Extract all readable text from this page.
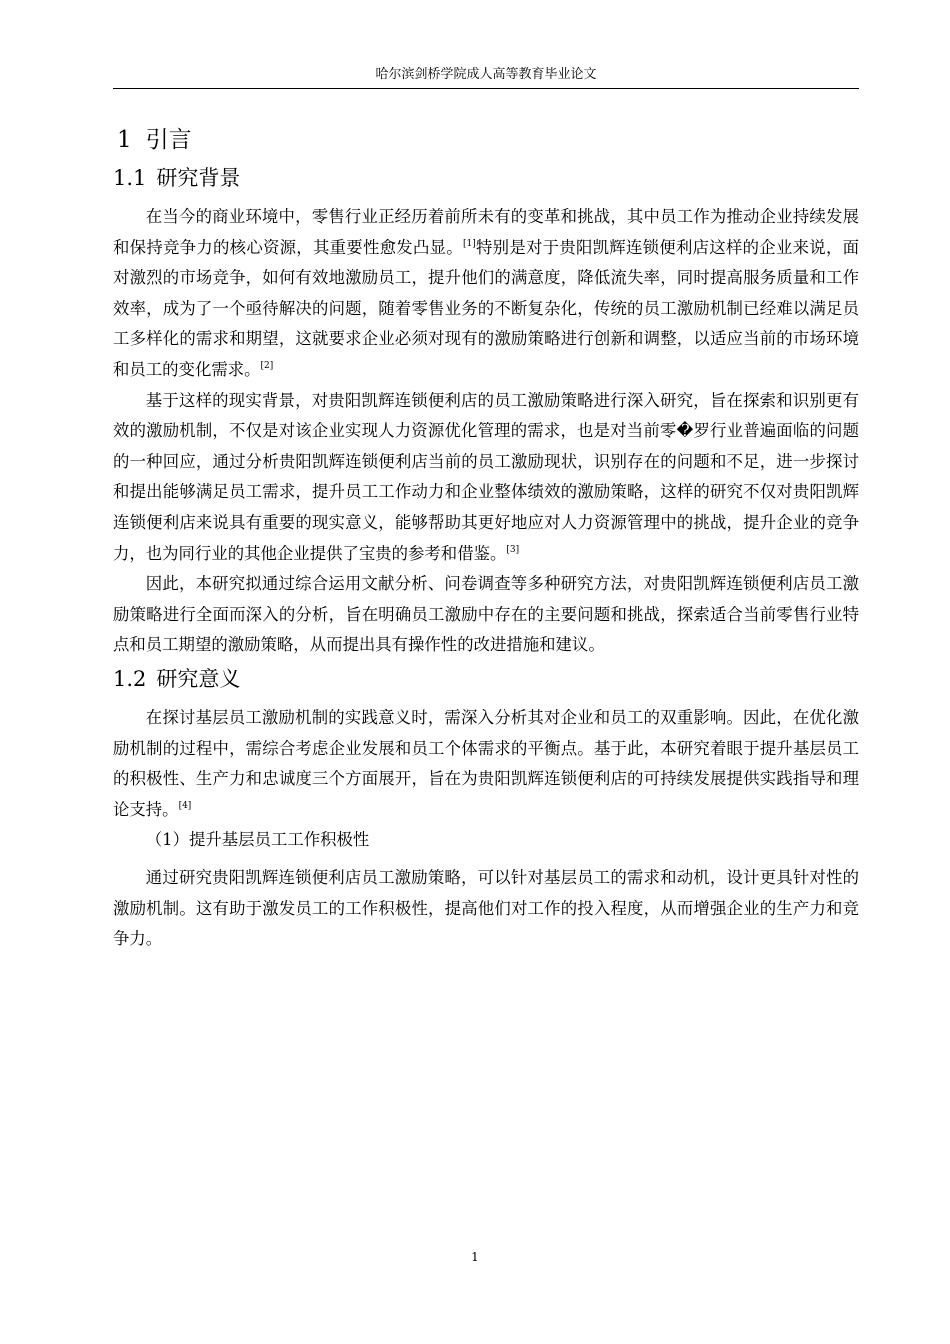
哈尔滨剑桥学院成人高等教育毕业论文
1 引言
1.1 研究背景

在当今的商业环境中，零售行业正经历着前所未有的变革和挑战，其中员工作为推动企业持续发展和保持竞争力的核心资源，其重要性愈发凸显。[1]特别是对于贵阳凯辉连锁便利店这样的企业来说，面对激烈的市场竞争，如何有效地激励员工，提升他们的满意度，降低流失率，同时提高服务质量和工作效率，成为了一个亟待解决的问题，随着零售业务的不断复杂化，传统的员工激励机制已经难以满足员工多样化的需求和期望，这就要求企业必须对现有的激励策略进行创新和调整，以适应当前的市场环境和员工的变化需求。[2]

基于这样的现实背景，对贵阳凯辉连锁便利店的员工激励策略进行深入研究，旨在探索和识别更有效的激励机制，不仅是对该企业实现人力资源优化管理的需求，也是对当前零�罗行业普遍面临的问题的一种回应，通过分析贵阳凯辉连锁便利店当前的员工激励现状，识别存在的问题和不足，进一步探讨和提出能够满足员工需求，提升员工工作动力和企业整体绩效的激励策略，这样的研究不仅对贵阳凯辉连锁便利店来说具有重要的现实意义，能够帮助其更好地应对人力资源管理中的挑战，提升企业的竞争力，也为同行业的其他企业提供了宝贵的参考和借鉴。[3]

因此，本研究拟通过综合运用文献分析、问卷调查等多种研究方法，对贵阳凯辉连锁便利店员工激励策略进行全面而深入的分析，旨在明确员工激励中存在的主要问题和挑战，探索适合当前零售行业特点和员工期望的激励策略，从而提出具有操作性的改进措施和建议。

1.2 研究意义

在探讨基层员工激励机制的实践意义时，需深入分析其对企业和员工的双重影响。因此，在优化激励机制的过程中，需综合考虑企业发展和员工个体需求的平衡点。基于此，本研究着眼于提升基层员工的积极性、生产力和忠诚度三个方面展开，旨在为贵阳凯辉连锁便利店的可持续发展提供实践指导和理论支持。[4]

（1）提升基层员工工作积极性

通过研究贵阳凯辉连锁便利店员工激励策略，可以针对基层员工的需求和动机，设计更具针对性的激励机制。这有助于激发员工的工作积极性，提高他们对工作的投入程度，从而增强企业的生产力和竞争力。

1
